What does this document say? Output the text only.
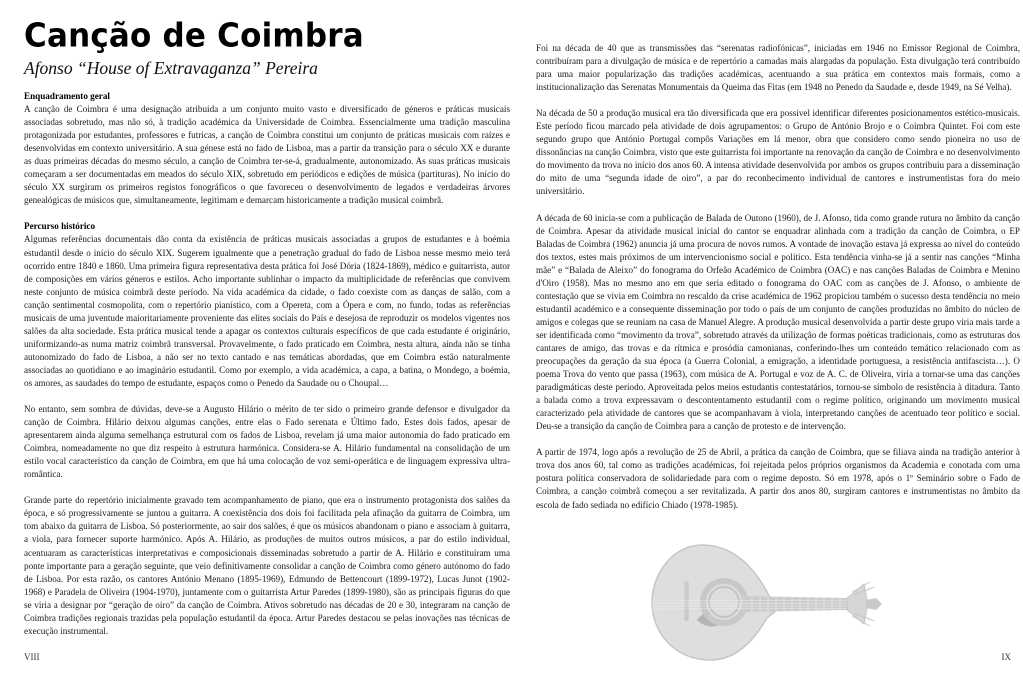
Canção de Coimbra
Afonso “House of Extravaganza” Pereira
Enquadramento geral

A canção de Coimbra é uma designação atribuída a um conjunto muito vasto e diversificado de géneros e práticas musicais associadas sobretudo, mas não só, à tradição académica da Universidade de Coimbra. Essencialmente uma tradição masculina protagonizada por estudantes, professores e futricas, a canção de Coimbra constitui um conjunto de práticas musicais com raízes e desenvolvidas em contexto universitário. A sua génese está no fado de Lisboa, mas a partir da transição para o século XX e durante as duas primeiras décadas do mesmo século, a canção de Coimbra ter-se-á, gradualmente, autonomizado. As suas práticas musicais começaram a ser documentadas em meados do século XIX, sobretudo em periódicos e edições de música (partituras). No início do século XX surgiram os primeiros registos fonográficos o que favoreceu o desenvolvimento de legados e verdadeiras árvores genealógicas de músicos que, simultaneamente, legitimam e demarcam historicamente a tradição musical coimbrã.

Percurso histórico

Algumas referências documentais dão conta da existência de práticas musicais associadas a grupos de estudantes e à boémia estudantil desde o início do século XIX. Sugerem igualmente que a penetração gradual do fado de Lisboa nesse mesmo meio terá ocorrido entre 1840 e 1860. Uma primeira figura representativa desta prática foi José Dória (1824-1869), médico e guitarrista, autor de composições em vários géneros e estilos. Acho importante sublinhar o impacto da multiplicidade de referências que convivem neste conjunto de música coimbrã deste período. Na vida académica da cidade, o fado coexiste com as danças de salão, com a canção sentimental cosmopolita, com o repertório pianístico, com a Opereta, com a Ópera e com, no fundo, todas as referências musicais de uma juventude maioritariamente proveniente das elites sociais do País e desejosa de reproduzir os modelos vigentes nos salões da alta sociedade. Esta prática musical tende a apagar os contextos culturais específicos de que cada estudante é originário, uniformizando-as numa matriz coimbrã transversal. Provavelmente, o fado praticado em Coimbra, nesta altura, ainda não se tinha autonomizado do fado de Lisboa, a não ser no texto cantado e nas temáticas abordadas, que em Coimbra estão naturalmente associadas ao quotidiano e ao imaginário estudantil. Como por exemplo, a vida académica, a capa, a batina, o Mondego, a boémia, os amores, as saudades do tempo de estudante, espaços como o Penedo da Saudade ou o Choupal…

No entanto, sem sombra de dúvidas, deve-se a Augusto Hilário o mérito de ter sido o primeiro grande defensor e divulgador da canção de Coimbra. Hilário deixou algumas canções, entre elas o Fado serenata e Último fado. Estes dois fados, apesar de apresentarem ainda alguma semelhança estrutural com os fados de Lisboa, revelam já uma maior autonomia do fado praticado em Coimbra, nomeadamente no que diz respeito à estrutura harmónica. Considera-se A. Hilário fundamental na consolidação de um estilo vocal característico da canção de Coimbra, em que há uma colocação de voz semi-operática e de linguagem expressiva ultra-romântica.

Grande parte do repertório inicialmente gravado tem acompanhamento de piano, que era o instrumento protagonista dos salões da época, e só progressivamente se juntou a guitarra. A coexistência dos dois foi facilitada pela afinação da guitarra de Coimbra, um tom abaixo da guitarra de Lisboa. Só posteriormente, ao sair dos salões, é que os músicos abandonam o piano e associam à guitarra, a viola, para fornecer suporte harmónico. Após A. Hilário, as produções de muitos outros músicos, a par do estilo individual, acentuaram as características interpretativas e composicionais disseminadas sobretudo a partir de A. Hilário e constituíram uma ponte importante para a geração seguinte, que veio definitivamente consolidar a canção de Coimbra como género autónomo do fado de Lisboa. Por esta razão, os cantores António Menano (1895-1969), Edmundo de Bettencourt (1899-1972), Lucas Junot (1902-1968) e Paradela de Oliveira (1904-1970), juntamente com o guitarrista Artur Paredes (1899-1980), são as principais figuras do que se viria a designar por “geração de oiro” da canção de Coimbra. Ativos sobretudo nas décadas de 20 e 30, integraram na canção de Coimbra tradições regionais trazidas pela população estudantil da época. Artur Paredes destacou se pelas inovações nas técnicas de execução instrumental.

VIII

Foi na década de 40 que as transmissões das “serenatas radiofónicas”, iniciadas em 1946 no Emissor Regional de Coimbra, contribuíram para a divulgação de música e de repertório a camadas mais alargadas da população. Esta divulgação terá contribuído para uma maior popularização das tradições académicas, acentuando a sua prática em contextos mais formais, como a institucionalização das Serenatas Monumentais da Queima das Fitas (em 1948 no Penedo da Saudade e, desde 1949, na Sé Velha).

Na década de 50 a produção musical era tão diversificada que era possível identificar diferentes posicionamentos estético-musicais. Este período ficou marcado pela atividade de dois agrupamentos: o Grupo de António Brojo e o Coimbra Quintet. Foi com este segundo grupo que António Portugal compôs Variações em lá menor, obra que considero como sendo pioneira no uso de dissonâncias na canção Coimbra, visto que este guitarrista foi importante na renovação da canção de Coimbra e no desenvolvimento do movimento da trova no início dos anos 60. A intensa atividade desenvolvida por ambos os grupos contribuiu para a disseminação do mito de uma “segunda idade de oiro”, a par do reconhecimento individual de cantores e instrumentistas fora do meio universitário.

A década de 60 inicia-se com a publicação de Balada de Outono (1960), de J. Afonso, tida como grande rutura no âmbito da canção de Coimbra. Apesar da atividade musical inicial do cantor se enquadrar alinhada com a tradição da canção de Coimbra, o EP Baladas de Coimbra (1962) anuncia já uma procura de novos rumos. A vontade de inovação estava já expressa ao nível do conteúdo dos textos, estes mais próximos de um intervencionismo social e político. Esta tendência vinha-se já a sentir nas canções “Minha mãe” e “Balada de Aleixo” do fonograma do Orfeão Académico de Coimbra (OAC) e nas canções Baladas de Coimbra e Menino d'Oiro (1958). Mas no mesmo ano em que seria editado o fonograma do OAC com as canções de J. Afonso, o ambiente de contestação que se vivia em Coimbra no rescaldo da crise académica de 1962 propiciou também o sucesso desta tendência no meio estudantil académico e a consequente disseminação por todo o país de um conjunto de canções produzidas no âmbito do núcleo de amigos e colegas que se reuniam na casa de Manuel Alegre. A produção musical desenvolvida a partir deste grupo viria mais tarde a ser identificada como “movimento da trova”, sobretudo através da utilização de formas poéticas tradicionais, como as estruturas dos cantares de amigo, das trovas e da rítmica e prosódia camonianas, conferindo-lhes um conteúdo temático relacionado com as preocupações da geração da sua época (a Guerra Colonial, a emigração, a identidade portuguesa, a resistência antifascista…). O poema Trova do vento que passa (1963), com música de A. Portugal e voz de A. C. de Oliveira, viria a tornar-se uma das canções paradigmáticas deste período. Aproveitada pelos meios estudantis contestatários, tornou-se símbolo de resistência à ditadura. Tanto a balada como a trova expressavam o descontentamento estudantil com o regime político, originando um movimento musical caracterizado pela atividade de cantores que se acompanhavam à viola, interpretando canções de acentuado teor político e social. Deu-se a transição da canção de Coimbra para a canção de protesto e de intervenção.

A partir de 1974, logo após a revolução de 25 de Abril, a prática da canção de Coimbra, que se filiava ainda na tradição anterior à trova dos anos 60, tal como as tradições académicas, foi rejeitada pelos próprios organismos da Academia e conotada com uma postura política conservadora de solidariedade para com o regime deposto. Só em 1978, após o 1º Seminário sobre o Fado de Coimbra, a canção coimbrã começou a ser revitalizada. A partir dos anos 80, surgiram cantores e instrumentistas no âmbito da escola de fado sediada no edifício Chiado (1978-1985).

IX
